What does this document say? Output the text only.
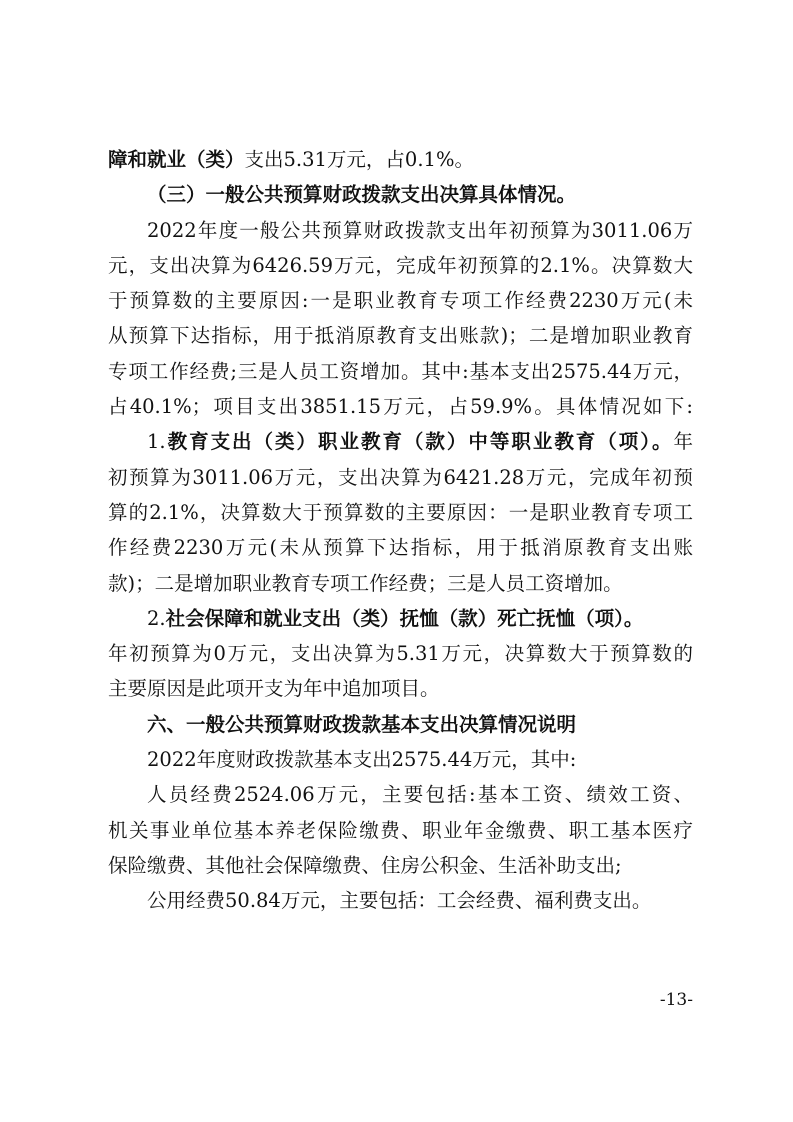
障和就业（类）支出5.31万元，占0.1%。
（三）一般公共预算财政拨款支出决算具体情况。
2022年度一般公共预算财政拨款支出年初预算为3011.06万
元，支出决算为6426.59万元，完成年初预算的2.1%。决算数大
于预算数的主要原因:一是职业教育专项工作经费2230万元(未
从预算下达指标，用于抵消原教育支出账款)；二是增加职业教育
专项工作经费;三是人员工资增加。其中:基本支出2575.44万元，
占40.1%；项目支出3851.15万元，占59.9%。具体情况如下:
1.教育支出（类）职业教育（款）中等职业教育（项）。年
初预算为3011.06万元，支出决算为6421.28万元，完成年初预
算的2.1%，决算数大于预算数的主要原因：一是职业教育专项工
作经费2230万元(未从预算下达指标，用于抵消原教育支出账
款)；二是增加职业教育专项工作经费；三是人员工资增加。
2.社会保障和就业支出（类）抚恤（款）死亡抚恤（项）。
年初预算为0万元，支出决算为5.31万元，决算数大于预算数的
主要原因是此项开支为年中追加项目。
六、一般公共预算财政拨款基本支出决算情况说明
2022年度财政拨款基本支出2575.44万元，其中:
人员经费2524.06万元，主要包括:基本工资、绩效工资、
机关事业单位基本养老保险缴费、职业年金缴费、职工基本医疗
保险缴费、其他社会保障缴费、住房公积金、生活补助支出;
公用经费50.84万元，主要包括：工会经费、福利费支出。
-13-
